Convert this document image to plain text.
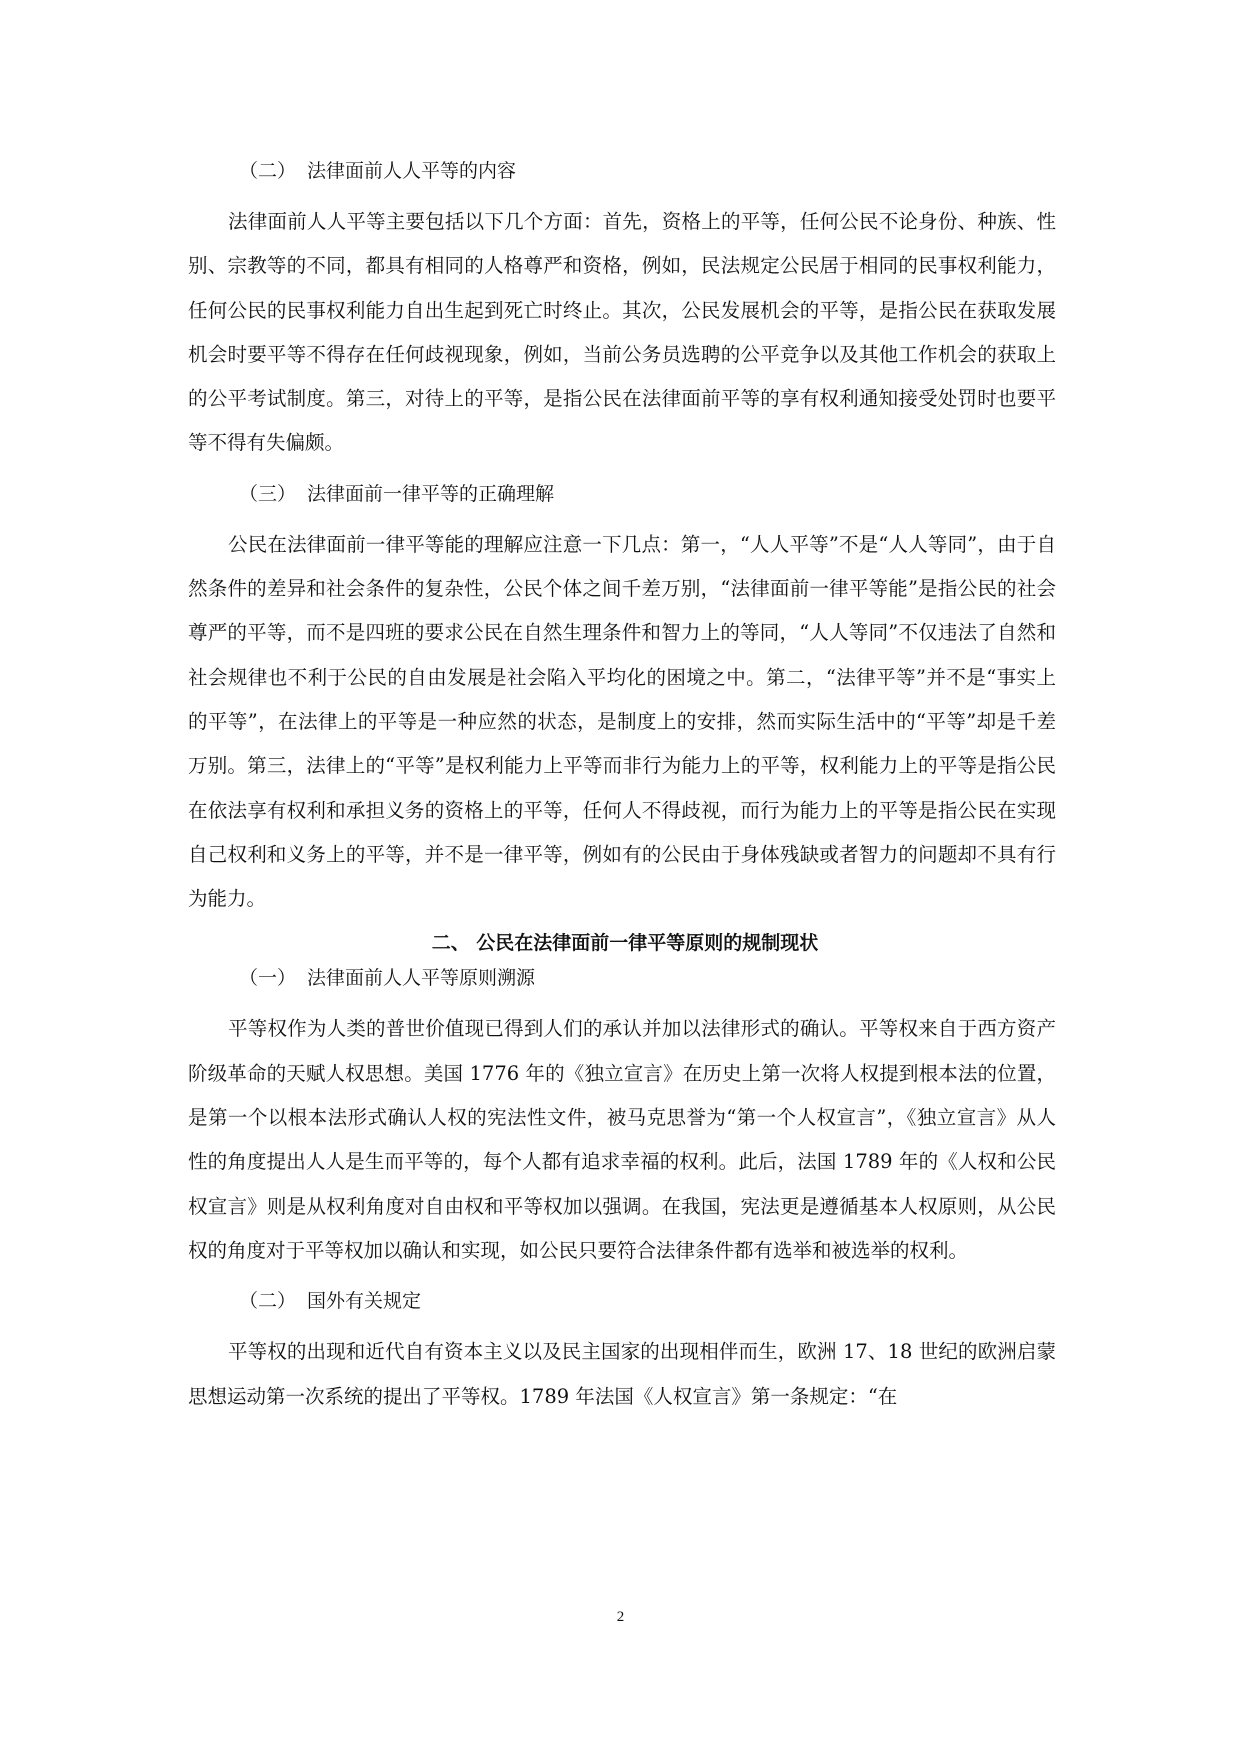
（二） 法律面前人人平等的内容

法律面前人人平等主要包括以下几个方面：首先，资格上的平等，任何公民不论身份、种族、性别、宗教等的不同，都具有相同的人格尊严和资格，例如，民法规定公民居于相同的民事权利能力，任何公民的民事权利能力自出生起到死亡时终止。其次，公民发展机会的平等，是指公民在获取发展机会时要平等不得存在任何歧视现象，例如，当前公务员选聘的公平竞争以及其他工作机会的获取上的公平考试制度。第三，对待上的平等，是指公民在法律面前平等的享有权利通知接受处罚时也要平等不得有失偏颇。

（三） 法律面前一律平等的正确理解

公民在法律面前一律平等能的理解应注意一下几点：第一，“人人平等”不是“人人等同”，由于自然条件的差异和社会条件的复杂性，公民个体之间千差万别，“法律面前一律平等能”是指公民的社会尊严的平等，而不是四班的要求公民在自然生理条件和智力上的等同，“人人等同”不仅违法了自然和社会规律也不利于公民的自由发展是社会陷入平均化的困境之中。第二，“法律平等”并不是“事实上的平等”，在法律上的平等是一种应然的状态，是制度上的安排，然而实际生活中的“平等”却是千差万别。第三，法律上的“平等”是权利能力上平等而非行为能力上的平等，权利能力上的平等是指公民在依法享有权利和承担义务的资格上的平等，任何人不得歧视，而行为能力上的平等是指公民在实现自己权利和义务上的平等，并不是一律平等，例如有的公民由于身体残缺或者智力的问题却不具有行为能力。

二、 公民在法律面前一律平等原则的规制现状

（一） 法律面前人人平等原则溯源

平等权作为人类的普世价值现已得到人们的承认并加以法律形式的确认。平等权来自于西方资产阶级革命的天赋人权思想。美国 1776 年的《独立宣言》在历史上第一次将人权提到根本法的位置，是第一个以根本法形式确认人权的宪法性文件，被马克思誉为“第一个人权宣言”，《独立宣言》从人性的角度提出人人是生而平等的，每个人都有追求幸福的权利。此后，法国 1789 年的《人权和公民权宣言》则是从权利角度对自由权和平等权加以强调。在我国，宪法更是遵循基本人权原则，从公民权的角度对于平等权加以确认和实现，如公民只要符合法律条件都有选举和被选举的权利。

（二） 国外有关规定

平等权的出现和近代自有资本主义以及民主国家的出现相伴而生，欧洲 17、18 世纪的欧洲启蒙思想运动第一次系统的提出了平等权。1789 年法国《人权宣言》第一条规定：“在

2
